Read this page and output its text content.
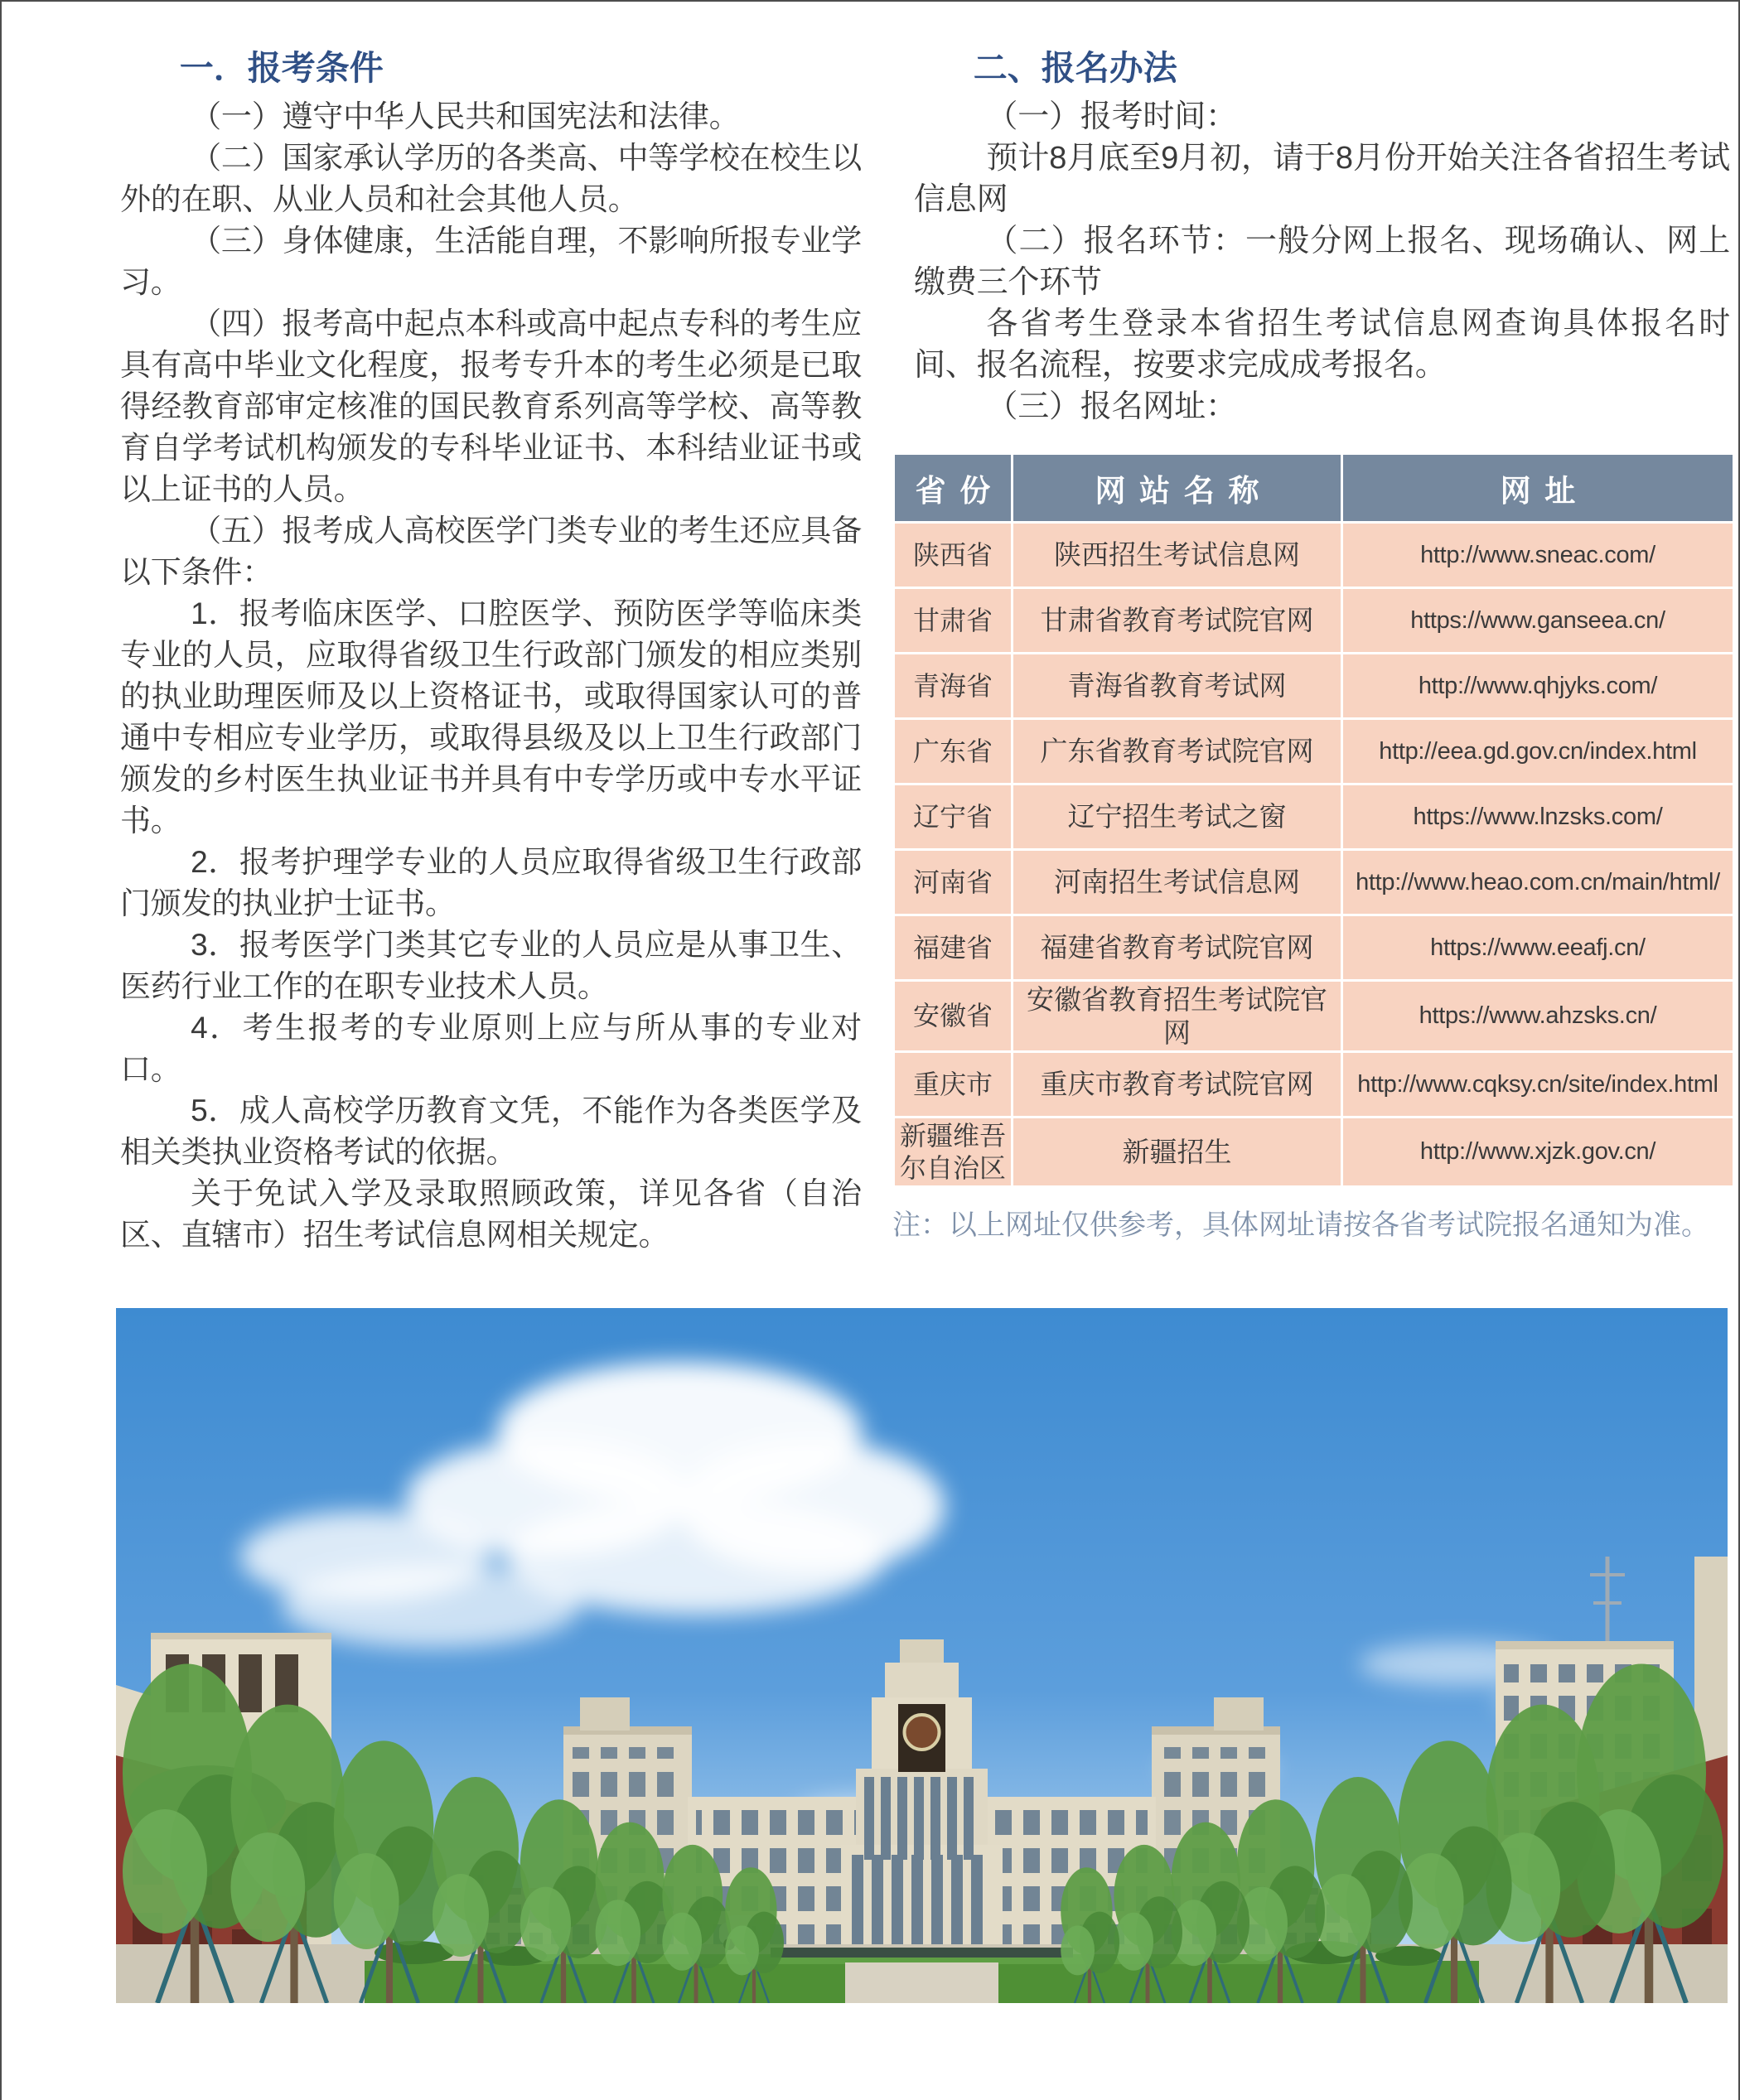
一．报考条件

（一）遵守中华人民共和国宪法和法律。

（二）国家承认学历的各类高、中等学校在校生以外的在职、从业人员和社会其他人员。

（三）身体健康，生活能自理，不影响所报专业学习。

（四）报考高中起点本科或高中起点专科的考生应具有高中毕业文化程度，报考专升本的考生必须是已取得经教育部审定核准的国民教育系列高等学校、高等教育自学考试机构颁发的专科毕业证书、本科结业证书或以上证书的人员。

（五）报考成人高校医学门类专业的考生还应具备以下条件：

1．报考临床医学、口腔医学、预防医学等临床类专业的人员，应取得省级卫生行政部门颁发的相应类别的执业助理医师及以上资格证书，或取得国家认可的普通中专相应专业学历，或取得县级及以上卫生行政部门颁发的乡村医生执业证书并具有中专学历或中专水平证书。

2．报考护理学专业的人员应取得省级卫生行政部门颁发的执业护士证书。

3．报考医学门类其它专业的人员应是从事卫生、医药行业工作的在职专业技术人员。

4．考生报考的专业原则上应与所从事的专业对口。

5．成人高校学历教育文凭，不能作为各类医学及相关类执业资格考试的依据。

关于免试入学及录取照顾政策，详见各省（自治区、直辖市）招生考试信息网相关规定。

二、报名办法

（一）报考时间：

预计8月底至9月初，请于8月份开始关注各省招生考试信息网

（二）报名环节：一般分网上报名、现场确认、网上缴费三个环节

各省考生登录本省招生考试信息网查询具体报名时间、报名流程，按要求完成成考报名。

（三）报名网址：

省份	网站名称	网址
陕西省	陕西招生考试信息网	http://www.sneac.com/
甘肃省	甘肃省教育考试院官网	https://www.ganseea.cn/
青海省	青海省教育考试网	http://www.qhjyks.com/
广东省	广东省教育考试院官网	http://eea.gd.gov.cn/index.html
辽宁省	辽宁招生考试之窗	https://www.lnzsks.com/
河南省	河南招生考试信息网	http://www.heao.com.cn/main/html/
福建省	福建省教育考试院官网	https://www.eeafj.cn/
安徽省	安徽省教育招生考试院官网	https://www.ahzsks.cn/
重庆市	重庆市教育考试院官网	http://www.cqksy.cn/site/index.html
新疆维吾尔自治区	新疆招生	http://www.xjzk.gov.cn/

注：以上网址仅供参考，具体网址请按各省考试院报名通知为准。
